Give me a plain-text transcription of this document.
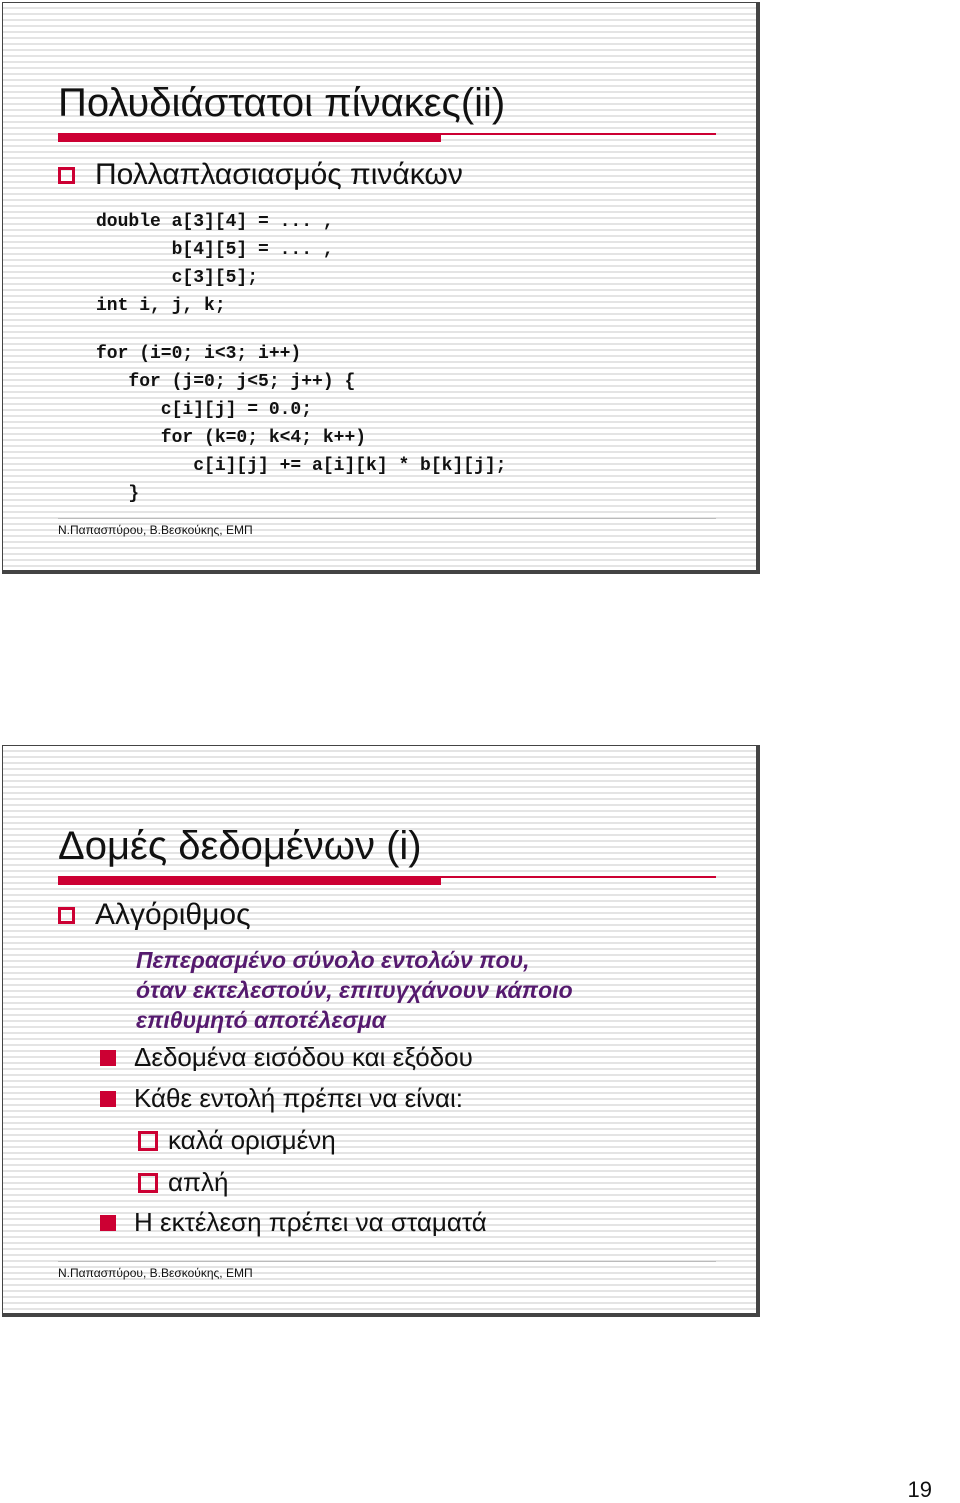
Πολυδιάστατοι πίνακες(ii)
Πολλαπλασιασμός πινάκων
double a[3][4] = ... ,
b[4][5] = ... ,
c[3][5];
int i, j, k;
for (i=0; i<3; i++)
for (j=0; j<5; j++) {
c[i][j] = 0.0;
for (k=0; k<4; k++)
c[i][j] += a[i][k] * b[k][j];
}
Ν.Παπασπύρου, Β.Βεσκούκης, ΕΜΠ
Δομές δεδομένων (i)
Αλγόριθμος
Πεπερασμένο σύνολο εντολών που,
όταν εκτελεστούν, επιτυγχάνουν κάποιο
επιθυμητό αποτέλεσμα
Δεδομένα εισόδου και εξόδου
Κάθε εντολή πρέπει να είναι:
καλά ορισμένη
απλή
Η εκτέλεση πρέπει να σταματά
Ν.Παπασπύρου, Β.Βεσκούκης, ΕΜΠ
19
